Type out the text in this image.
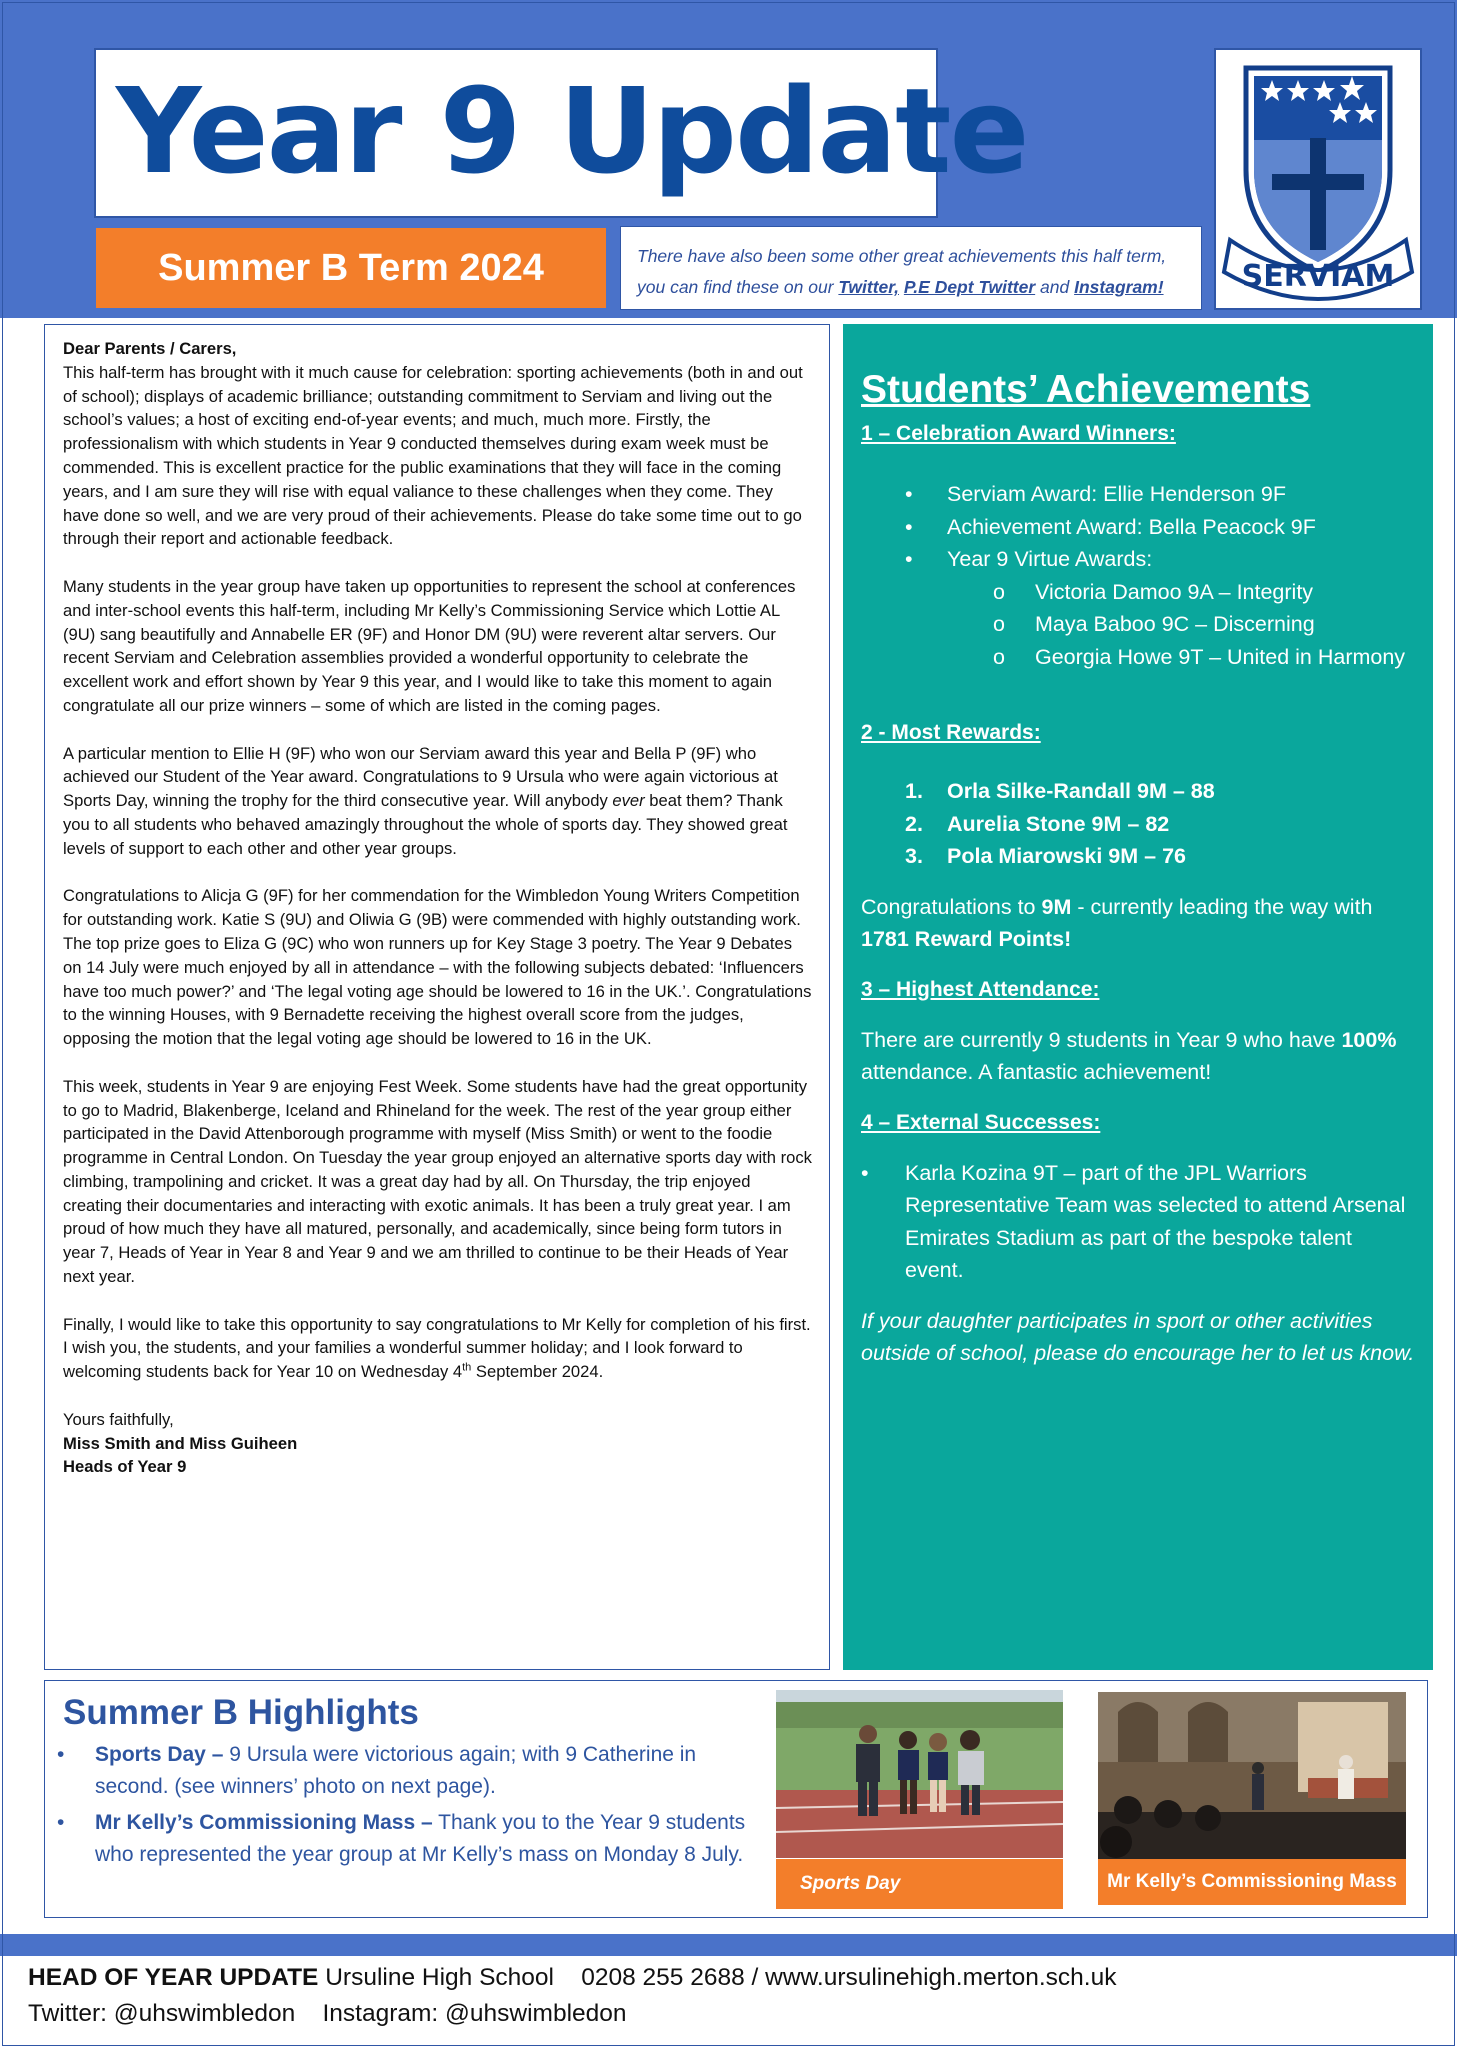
Year 9 Update
Summer B Term 2024	There have also been some other great achievements this half term,
you can find these on our Twitter, P.E Dept Twitter and Instagram!	SERVIAM
Dear Parents / Carers,

This half-term has brought with it much cause for celebration: sporting achievements (both in and out of school); displays of academic brilliance; outstanding commitment to Serviam and living out the school’s values; a host of exciting end-of-year events; and much, much more. Firstly, the professionalism with which students in Year 9 conducted themselves during exam week must be commended. This is excellent practice for the public examinations that they will face in the coming years, and I am sure they will rise with equal valiance to these challenges when they come. They have done so well, and we are very proud of their achievements. Please do take some time out to go through their report and actionable feedback.

Many students in the year group have taken up opportunities to represent the school at conferences and inter-school events this half-term, including Mr Kelly’s Commissioning Service which Lottie AL (9U) sang beautifully and Annabelle ER (9F) and Honor DM (9U) were reverent altar servers. Our recent Serviam and Celebration assemblies provided a wonderful opportunity to celebrate the excellent work and effort shown by Year 9 this year, and I would like to take this moment to again congratulate all our prize winners – some of which are listed in the coming pages.

A particular mention to Ellie H (9F) who won our Serviam award this year and Bella P (9F) who achieved our Student of the Year award. Congratulations to 9 Ursula who were again victorious at Sports Day, winning the trophy for the third consecutive year. Will anybody ever beat them? Thank you to all students who behaved amazingly throughout the whole of sports day. They showed great levels of support to each other and other year groups.

Congratulations to Alicja G (9F) for her commendation for the Wimbledon Young Writers Competition for outstanding work. Katie S (9U) and Oliwia G (9B) were commended with highly outstanding work. The top prize goes to Eliza G (9C) who won runners up for Key Stage 3 poetry. The Year 9 Debates on 14 July were much enjoyed by all in attendance – with the following subjects debated: ‘Influencers have too much power?’ and ‘The legal voting age should be lowered to 16 in the UK.’. Congratulations to the winning Houses, with 9 Bernadette receiving the highest overall score from the judges, opposing the motion that the legal voting age should be lowered to 16 in the UK.

This week, students in Year 9 are enjoying Fest Week. Some students have had the great opportunity to go to Madrid, Blakenberge, Iceland and Rhineland for the week. The rest of the year group either participated in the David Attenborough programme with myself (Miss Smith) or went to the foodie programme in Central London. On Tuesday the year group enjoyed an alternative sports day with rock climbing, trampolining and cricket. It was a great day had by all. On Thursday, the trip enjoyed creating their documentaries and interacting with exotic animals. It has been a truly great year. I am proud of how much they have all matured, personally, and academically, since being form tutors in year 7, Heads of Year in Year 8 and Year 9 and we am thrilled to continue to be their Heads of Year next year.

Finally, I would like to take this opportunity to say congratulations to Mr Kelly for completion of his first. I wish you, the students, and your families a wonderful summer holiday; and I look forward to welcoming students back for Year 10 on Wednesday 4th September 2024.

Yours faithfully,
Miss Smith and Miss Guiheen
Heads of Year 9
Students’ Achievements
1 – Celebration Award Winners:
• Serviam Award: Ellie Henderson 9F
• Achievement Award: Bella Peacock 9F
• Year 9 Virtue Awards:
o Victoria Damoo 9A – Integrity
o Maya Baboo 9C – Discerning
o Georgia Howe 9T – United in Harmony
2 - Most Rewards:
1. Orla Silke-Randall 9M – 88
2. Aurelia Stone 9M – 82
3. Pola Miarowski 9M – 76
Congratulations to 9M - currently leading the way with 1781 Reward Points!
3 – Highest Attendance:
There are currently 9 students in Year 9 who have 100% attendance. A fantastic achievement!
4 – External Successes:
• Karla Kozina 9T – part of the JPL Warriors Representative Team was selected to attend Arsenal Emirates Stadium as part of the bespoke talent event.
If your daughter participates in sport or other activities outside of school, please do encourage her to let us know.
Summer B Highlights
• Sports Day – 9 Ursula were victorious again; with 9 Catherine in second. (see winners’ photo on next page).
• Mr Kelly’s Commissioning Mass – Thank you to the Year 9 students who represented the year group at Mr Kelly’s mass on Monday 8 July.
Sports Day	Mr Kelly’s Commissioning Mass
HEAD OF YEAR UPDATE Ursuline High School 0208 255 2688 / www.ursulinehigh.merton.sch.uk
Twitter: @uhswimbledon Instagram: @uhswimbledon
